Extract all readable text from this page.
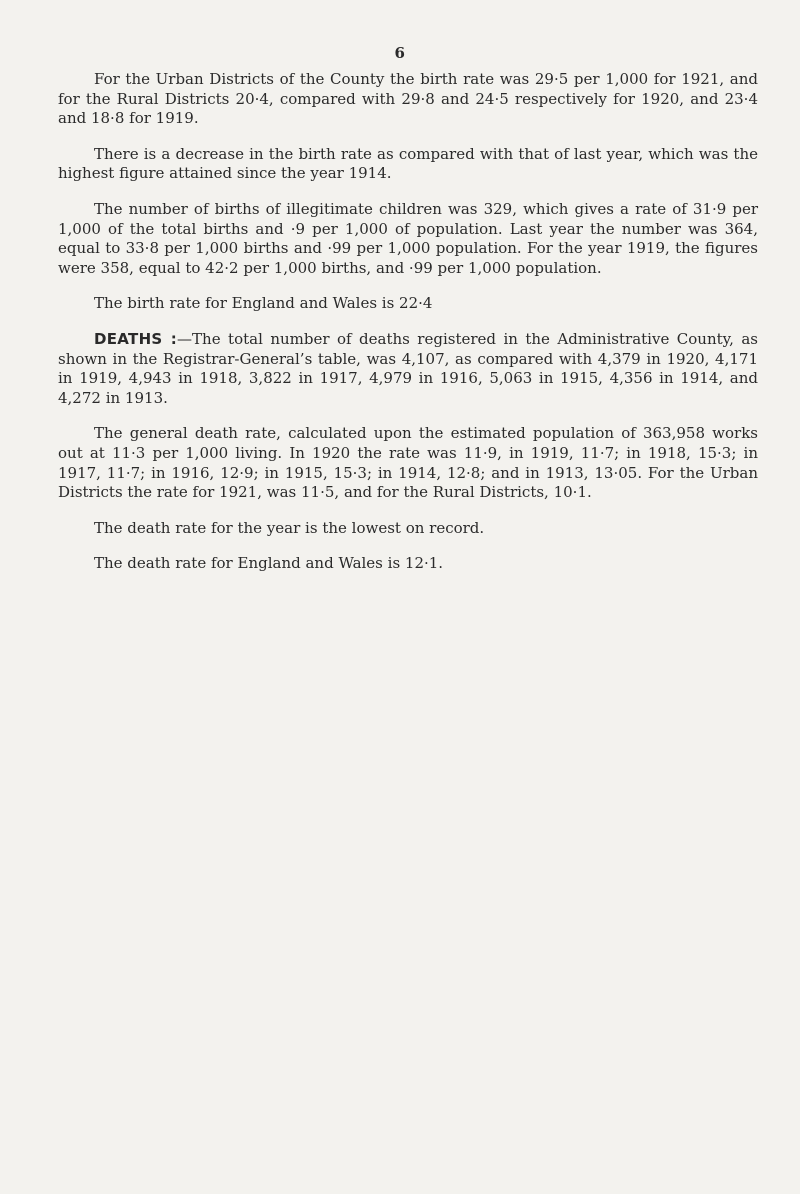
6

For the Urban Districts of the County the birth rate was 29·5 per 1,000 for 1921, and for the Rural Districts 20·4, compared with 29·8 and 24·5 respectively for 1920, and 23·4 and 18·8 for 1919.

There is a decrease in the birth rate as compared with that of last year, which was the highest figure attained since the year 1914.

The number of births of illegitimate children was 329, which gives a rate of 31·9 per 1,000 of the total births and ·9 per 1,000 of population. Last year the number was 364, equal to 33·8 per 1,000 births and ·99 per 1,000 population. For the year 1919, the figures were 358, equal to 42·2 per 1,000 births, and ·99 per 1,000 population.

The birth rate for England and Wales is 22·4

DEATHS :—The total number of deaths registered in the Administrative County, as shown in the Registrar-General’s table, was 4,107, as compared with 4,379 in 1920, 4,171 in 1919, 4,943 in 1918, 3,822 in 1917, 4,979 in 1916, 5,063 in 1915, 4,356 in 1914, and 4,272 in 1913.

The general death rate, calculated upon the estimated population of 363,958 works out at 11·3 per 1,000 living. In 1920 the rate was 11·9, in 1919, 11·7; in 1918, 15·3; in 1917, 11·7; in 1916, 12·9; in 1915, 15·3; in 1914, 12·8; and in 1913, 13·05. For the Urban Districts the rate for 1921, was 11·5, and for the Rural Districts, 10·1.

The death rate for the year is the lowest on record.

The death rate for England and Wales is 12·1.
